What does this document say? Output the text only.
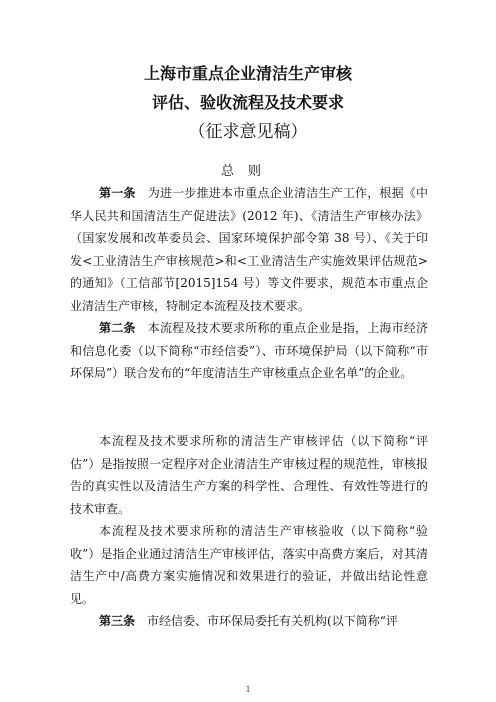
上海市重点企业清洁生产审核
评估、验收流程及技术要求
（征求意见稿）
总则
第一条　 为进一步推进本市重点企业清洁生产工作，根据《中华人民共和国清洁生产促进法》(2012 年)、《清洁生产审核办法》（国家发展和改革委员会、国家环境保护部令第 38 号）、《关于印发<工业清洁生产审核规范>和<工业清洁生产实施效果评估规范>的通知》（工信部节[2015]154 号）等文件要求，规范本市重点企业清洁生产审核，特制定本流程及技术要求。
第二条　 本流程及技术要求所称的重点企业是指，上海市经济和信息化委（以下简称“市经信委”）、市环境保护局（以下简称“市环保局”）联合发布的“年度清洁生产审核重点企业名单”的企业。
本流程及技术要求所称的清洁生产审核评估（以下简称“评估”）是指按照一定程序对企业清洁生产审核过程的规范性，审核报告的真实性以及清洁生产方案的科学性、合理性、有效性等进行的技术审查。
本流程及技术要求所称的清洁生产审核验收（以下简称“验收”）是指企业通过清洁生产审核评估，落实中高费方案后，对其清洁生产中/高费方案实施情况和效果进行的验证，并做出结论性意见。
第三条　 市经信委、市环保局委托有关机构(以下简称“评
1
